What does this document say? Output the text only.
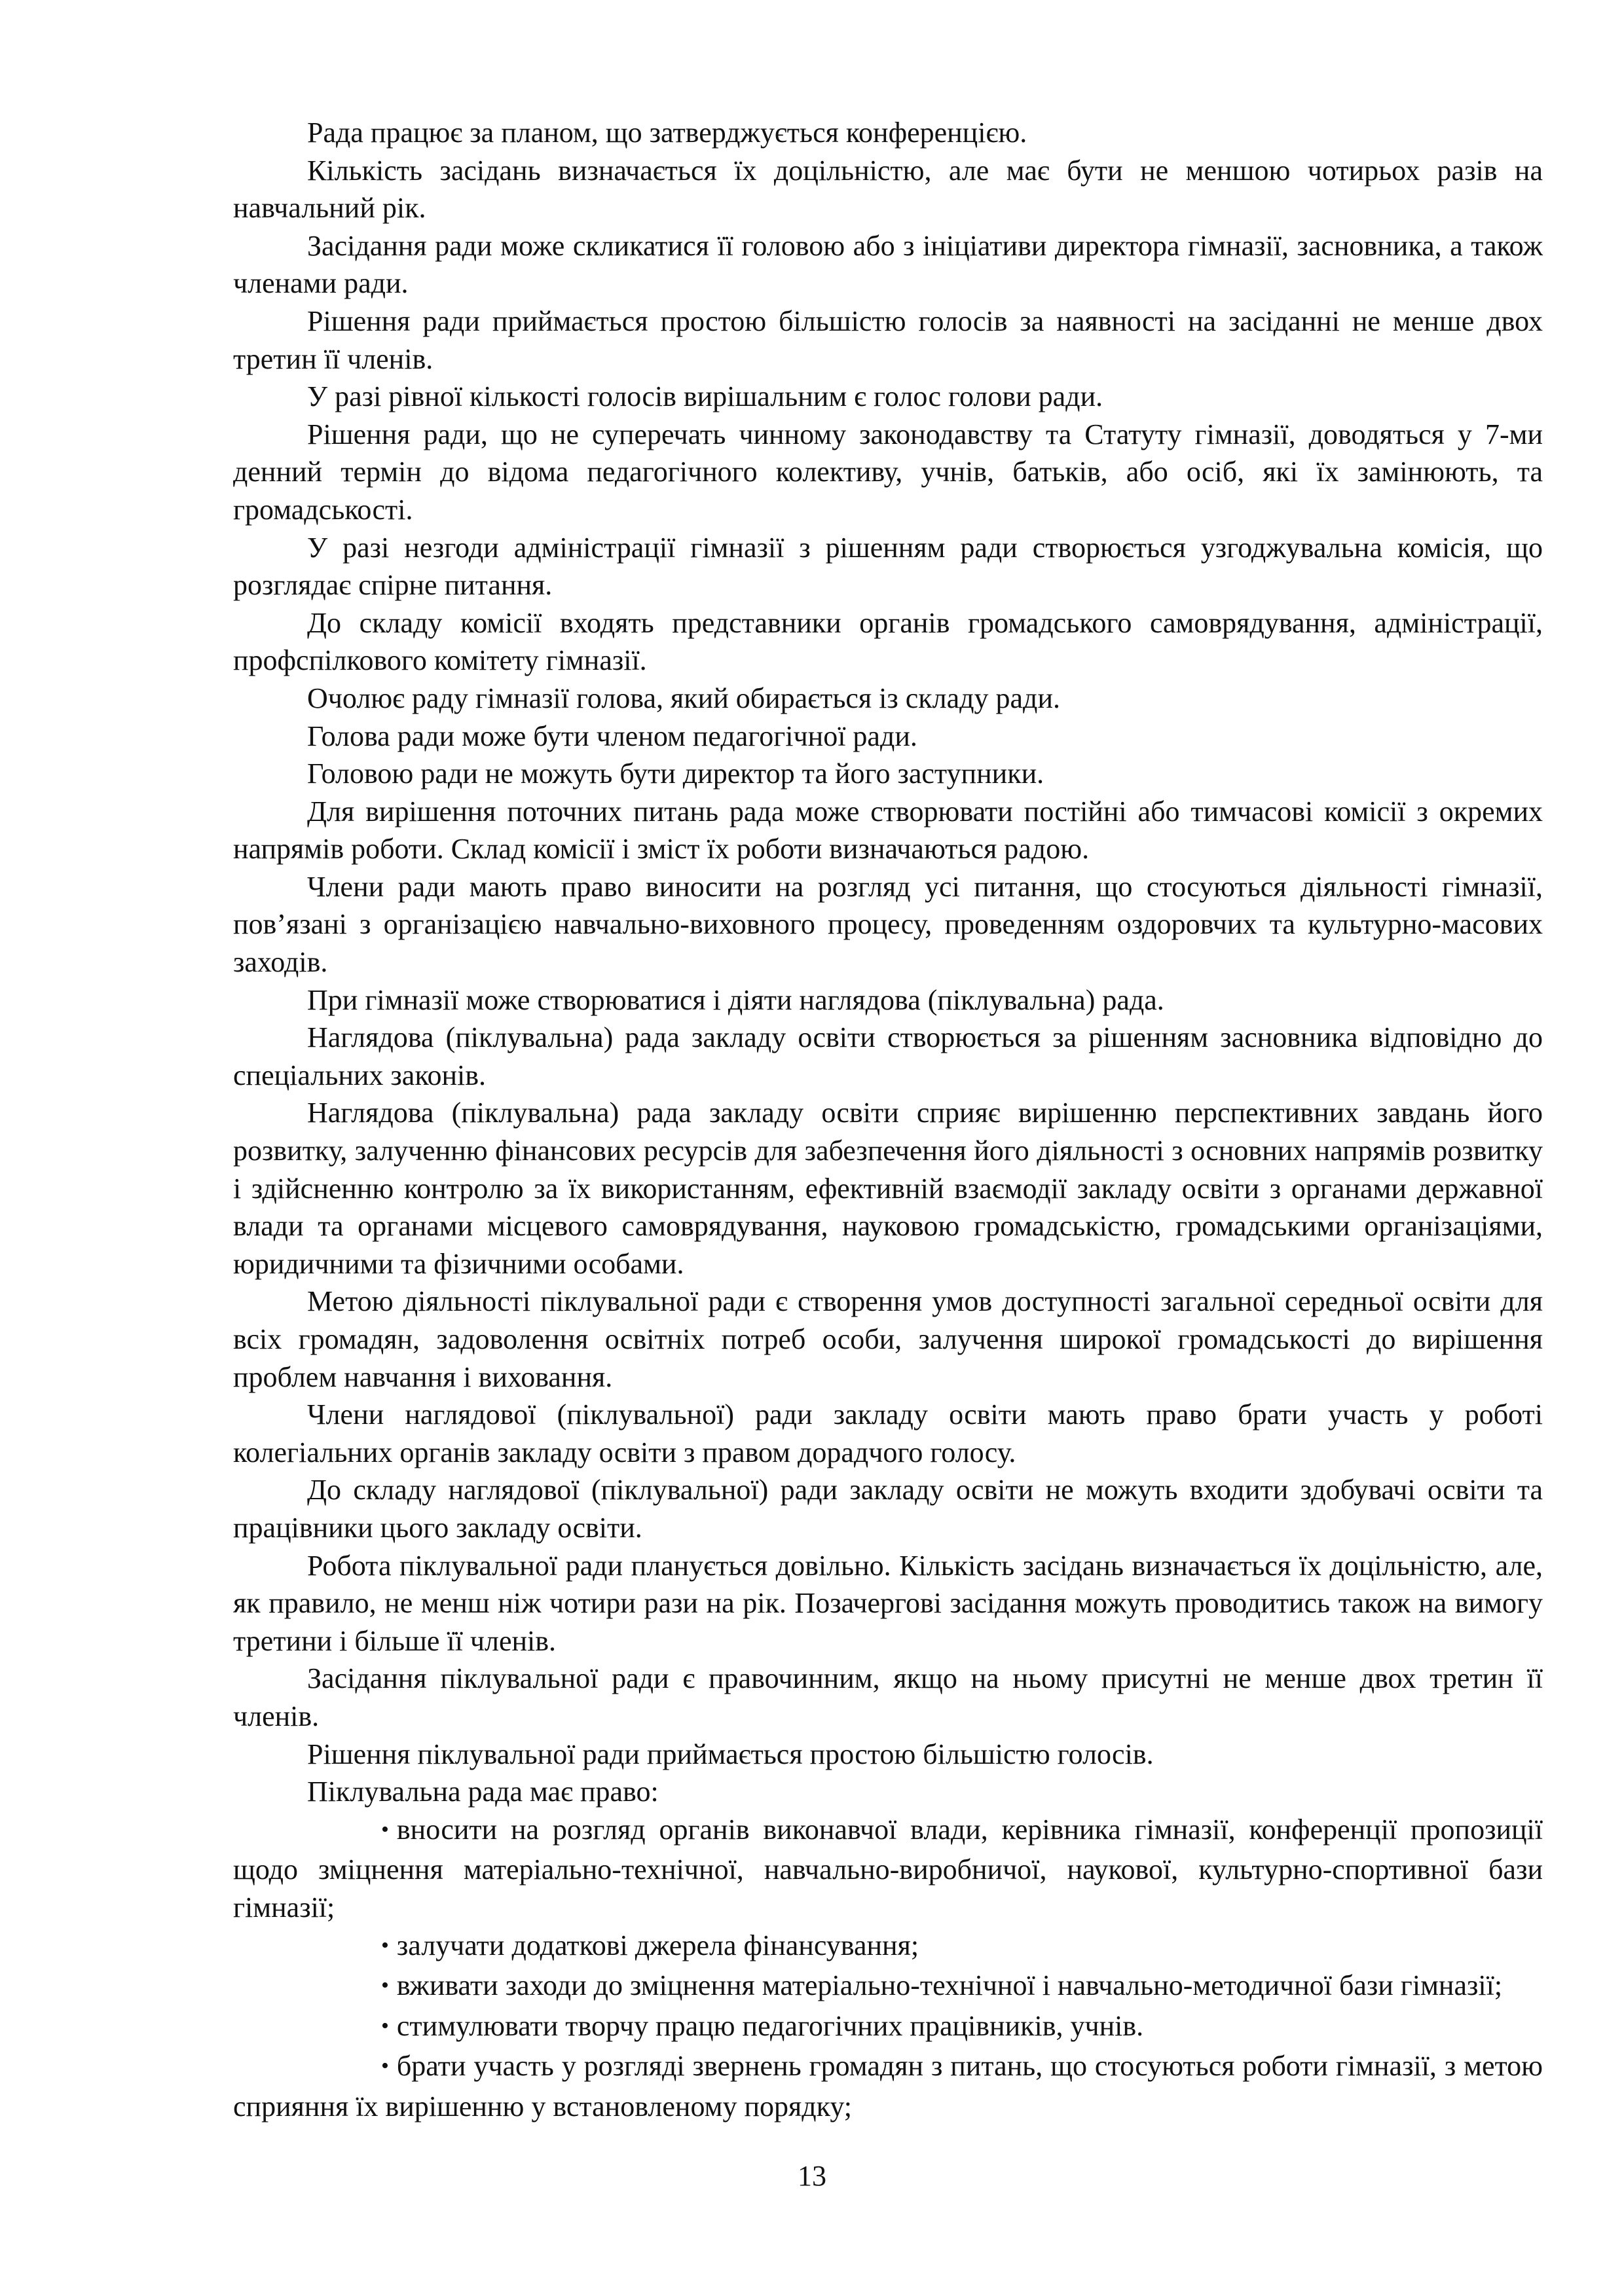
Рада працює за планом, що затверджується конференцією.

Кількість засідань визначається їх доцільністю, але має бути не меншою чотирьох разів на навчальний рік.

Засідання ради може скликатися її головою або з ініціативи директора гімназії, засновника, а також членами ради.

Рішення ради приймається простою більшістю голосів за наявності на засіданні не менше двох третин її членів.

У разі рівної кількості голосів вирішальним є голос голови ради.

Рішення ради, що не суперечать чинному законодавству та Статуту гімназії, доводяться у 7-ми денний термін до відома педагогічного колективу, учнів, батьків, або осіб, які їх замінюють, та громадськості.

У разі незгоди адміністрації гімназії з рішенням ради створюється узгоджувальна комісія, що розглядає спірне питання.

До складу комісії входять представники органів громадського самоврядування, адміністрації, профспілкового комітету гімназії.

Очолює раду гімназії голова, який обирається із складу ради.

Голова ради може бути членом педагогічної ради.

Головою ради не можуть бути директор та його заступники.

Для вирішення поточних питань рада може створювати постійні або тимчасові комісії з окремих напрямів роботи. Склад комісії і зміст їх роботи визначаються радою.

Члени ради мають право виносити на розгляд усі питання, що стосуються діяльності гімназії, пов’язані з організацією навчально-виховного процесу, проведенням оздоровчих та культурно-масових заходів.

При гімназії може створюватися і діяти наглядова (піклувальна) рада.

Наглядова (піклувальна) рада закладу освіти створюється за рішенням засновника відповідно до спеціальних законів.

Наглядова (піклувальна) рада закладу освіти сприяє вирішенню перспективних завдань його розвитку, залученню фінансових ресурсів для забезпечення його діяльності з основних напрямів розвитку і здійсненню контролю за їх використанням, ефективній взаємодії закладу освіти з органами державної влади та органами місцевого самоврядування, науковою громадськістю, громадськими організаціями, юридичними та фізичними особами.

Метою діяльності піклувальної ради є створення умов доступності загальної середньої освіти для всіх громадян, задоволення освітніх потреб особи, залучення широкої громадськості до вирішення проблем навчання і виховання.

Члени наглядової (піклувальної) ради закладу освіти мають право брати участь у роботі колегіальних органів закладу освіти з правом дорадчого голосу.

До складу наглядової (піклувальної) ради закладу освіти не можуть входити здобувачі освіти та працівники цього закладу освіти.

Робота піклувальної ради планується довільно. Кількість засідань визначається їх доцільністю, але, як правило, не менш ніж чотири рази на рік. Позачергові засідання можуть проводитись також на вимогу третини і більше її членів.

Засідання піклувальної ради є правочинним, якщо на ньому присутні не менше двох третин її членів.

Рішення піклувальної ради приймається простою більшістю голосів.

Піклувальна рада має право:

• вносити на розгляд органів виконавчої влади, керівника гімназії, конференції пропозиції щодо зміцнення матеріально-технічної, навчально-виробничої, наукової, культурно-спортивної бази гімназії;

• залучати додаткові джерела фінансування;

• вживати заходи до зміцнення матеріально-технічної і навчально-методичної бази гімназії;

• стимулювати творчу працю педагогічних працівників, учнів.

• брати участь у розгляді звернень громадян з питань, що стосуються роботи гімназії, з метою сприяння їх вирішенню у встановленому порядку;

13
